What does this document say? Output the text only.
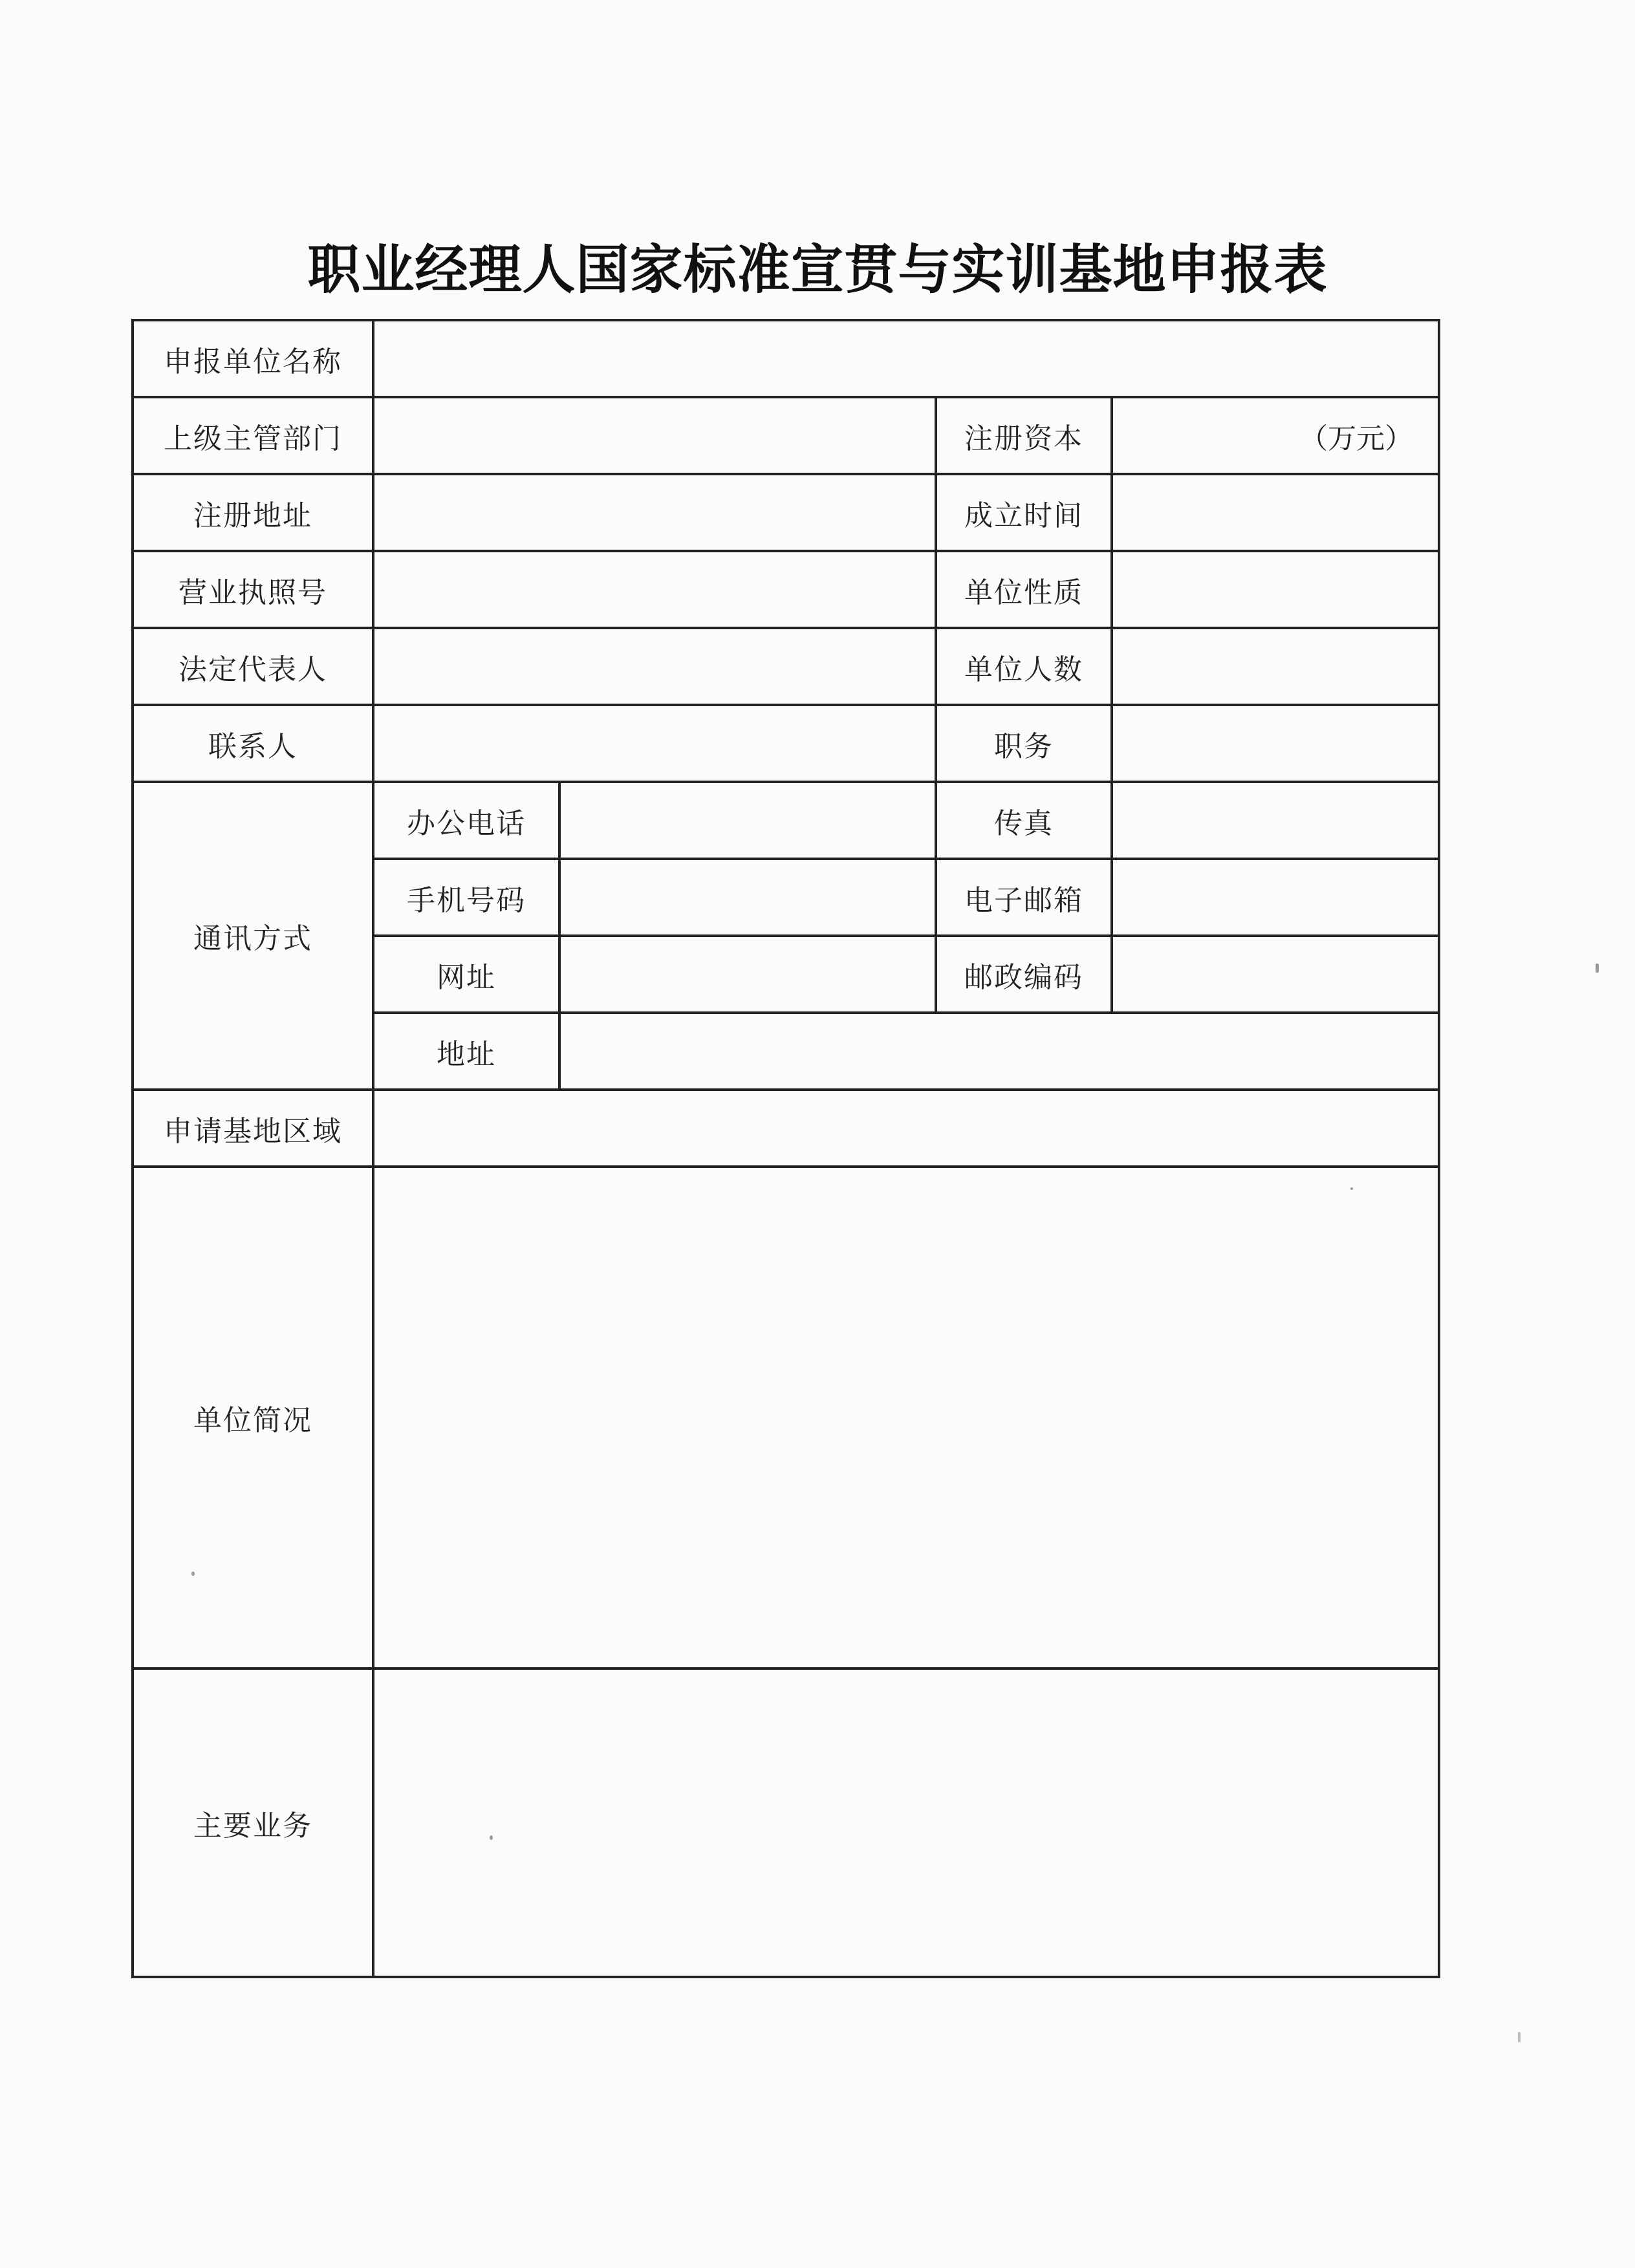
职业经理人国家标准宣贯与实训基地申报表
申报单位名称				
上级主管部门			注册资本	（万元）
注册地址			成立时间	
营业执照号			单位性质	
法定代表人			单位人数	
联系人			职务	
通讯方式	办公电话		传真	
	手机号码		电子邮箱	
	网址		邮政编码	
	地址			
申请基地区域				
单位简况				
主要业务				
